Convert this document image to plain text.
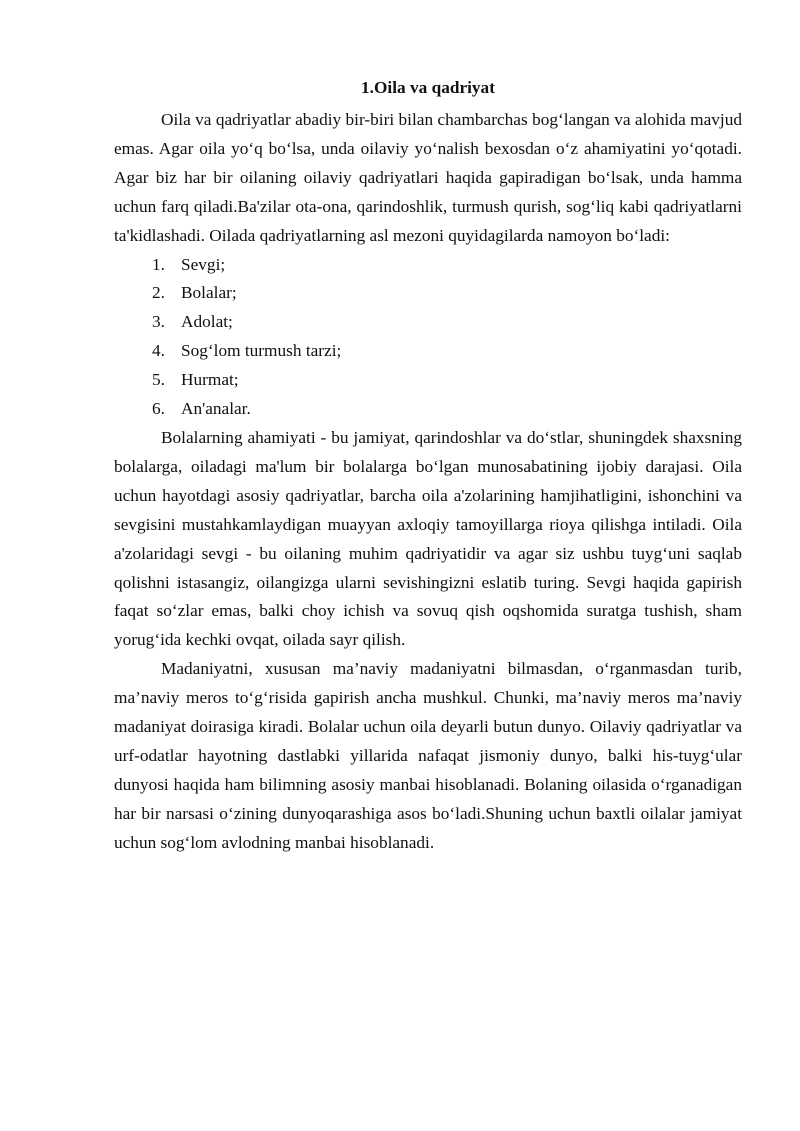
1.Oila va qadriyat

Oila va qadriyatlar abadiy bir-biri bilan chambarchas bog‘langan va alohida mavjud emas. Agar oila yo‘q bo‘lsa, unda oilaviy yo‘nalish bexosdan o‘z ahamiyatini yo‘qotadi. Agar biz har bir oilaning oilaviy qadriyatlari haqida gapiradigan bo‘lsak, unda hamma uchun farq qiladi.Ba'zilar ota-ona, qarindoshlik, turmush qurish, sog‘liq kabi qadriyatlarni ta'kidlashadi. Oilada qadriyatlarning asl mezoni quyidagilarda namoyon bo‘ladi:

1. Sevgi;
2. Bolalar;
3. Adolat;
4. Sog‘lom turmush tarzi;
5. Hurmat;
6. An'analar.

Bolalarning ahamiyati - bu jamiyat, qarindoshlar va do‘stlar, shuningdek shaxsning bolalarga, oiladagi ma'lum bir bolalarga bo‘lgan munosabatining ijobiy darajasi. Oila uchun hayotdagi asosiy qadriyatlar, barcha oila a'zolarining hamjihatligini, ishonchini va sevgisini mustahkamlaydigan muayyan axloqiy tamoyillarga rioya qilishga intiladi. Oila a'zolaridagi sevgi - bu oilaning muhim qadriyatidir va agar siz ushbu tuyg‘uni saqlab qolishni istasangiz, oilangizga ularni sevishingizni eslatib turing. Sevgi haqida gapirish faqat so‘zlar emas, balki choy ichish va sovuq qish oqshomida suratga tushish, sham yorug‘ida kechki ovqat, oilada sayr qilish.

Madaniyatni, xususan ma’naviy madaniyatni bilmasdan, o‘rganmasdan turib, ma’naviy meros to‘g‘risida gapirish ancha mushkul. Chunki, ma’naviy meros ma’naviy madaniyat doirasiga kiradi. Bolalar uchun oila deyarli butun dunyo. Oilaviy qadriyatlar va urf-odatlar hayotning dastlabki yillarida nafaqat jismoniy dunyo, balki his-tuyg‘ular dunyosi haqida ham bilimning asosiy manbai hisoblanadi. Bolaning oilasida o‘rganadigan har bir narsasi o‘zining dunyoqarashiga asos bo‘ladi.Shuning uchun baxtli oilalar jamiyat uchun sog‘lom avlodning manbai hisoblanadi.
